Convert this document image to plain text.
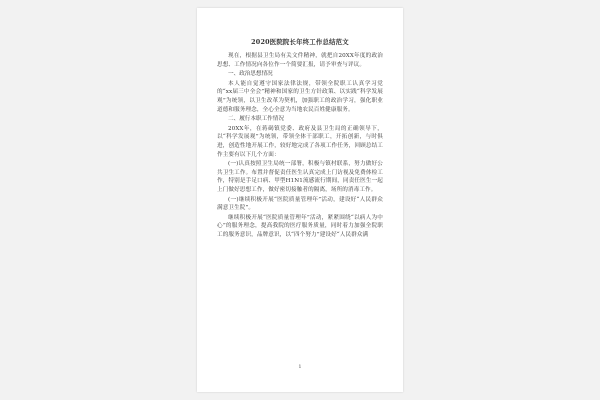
2020医院院长年终工作总结范文
现在，根据县卫生局有关文件精神，就把自20XX年度的政治思想、工作情况向各位作一个简要汇报，请予审查与评议。
一、政治思想情况
本人能自觉遵守国家法律法规，带领全院职工认真学习党的“xx届三中全会”精神和国家的卫生方针政策、以实践“科学发展观”为统领，以卫生改革为契机，加强职工的政治学习，强化职业道德和服务理念，全心全意为当地农民百姓健康服务。
二、履行本职工作情况
20XX年，在蒋碣镇党委、政府及县卫生局的正确领导下，以“科学发展观”为统领，带领全体干部职工，开拓创新，与时俱进，创造性地开展工作，较好地完成了各项工作任务，回顾总结工作主要有以下几个方面：
(一)认真按照卫生局统一部署，积极与镇村联系，努力做好公共卫生工作。布置并督促责任医生认真完成上门访视及免费体检工作，特别是手足口病、甲型H1N1流感流行期间，同责任医生一起上门做好思想工作，做好密切接触者的隔离，场所的消毒工作。
(一)继续积极开展“医院质量管理年”活动，建设好“人民群众满意卫生院”。
继续积极开展“医院质量管理年”活动，紧紧围绕“以病人为中心”的服务理念，提高我院的医疗服务质量，同时着力加强全院职工的服务意识，品牌意识，以“四个努力”建设好“人民群众满
1
